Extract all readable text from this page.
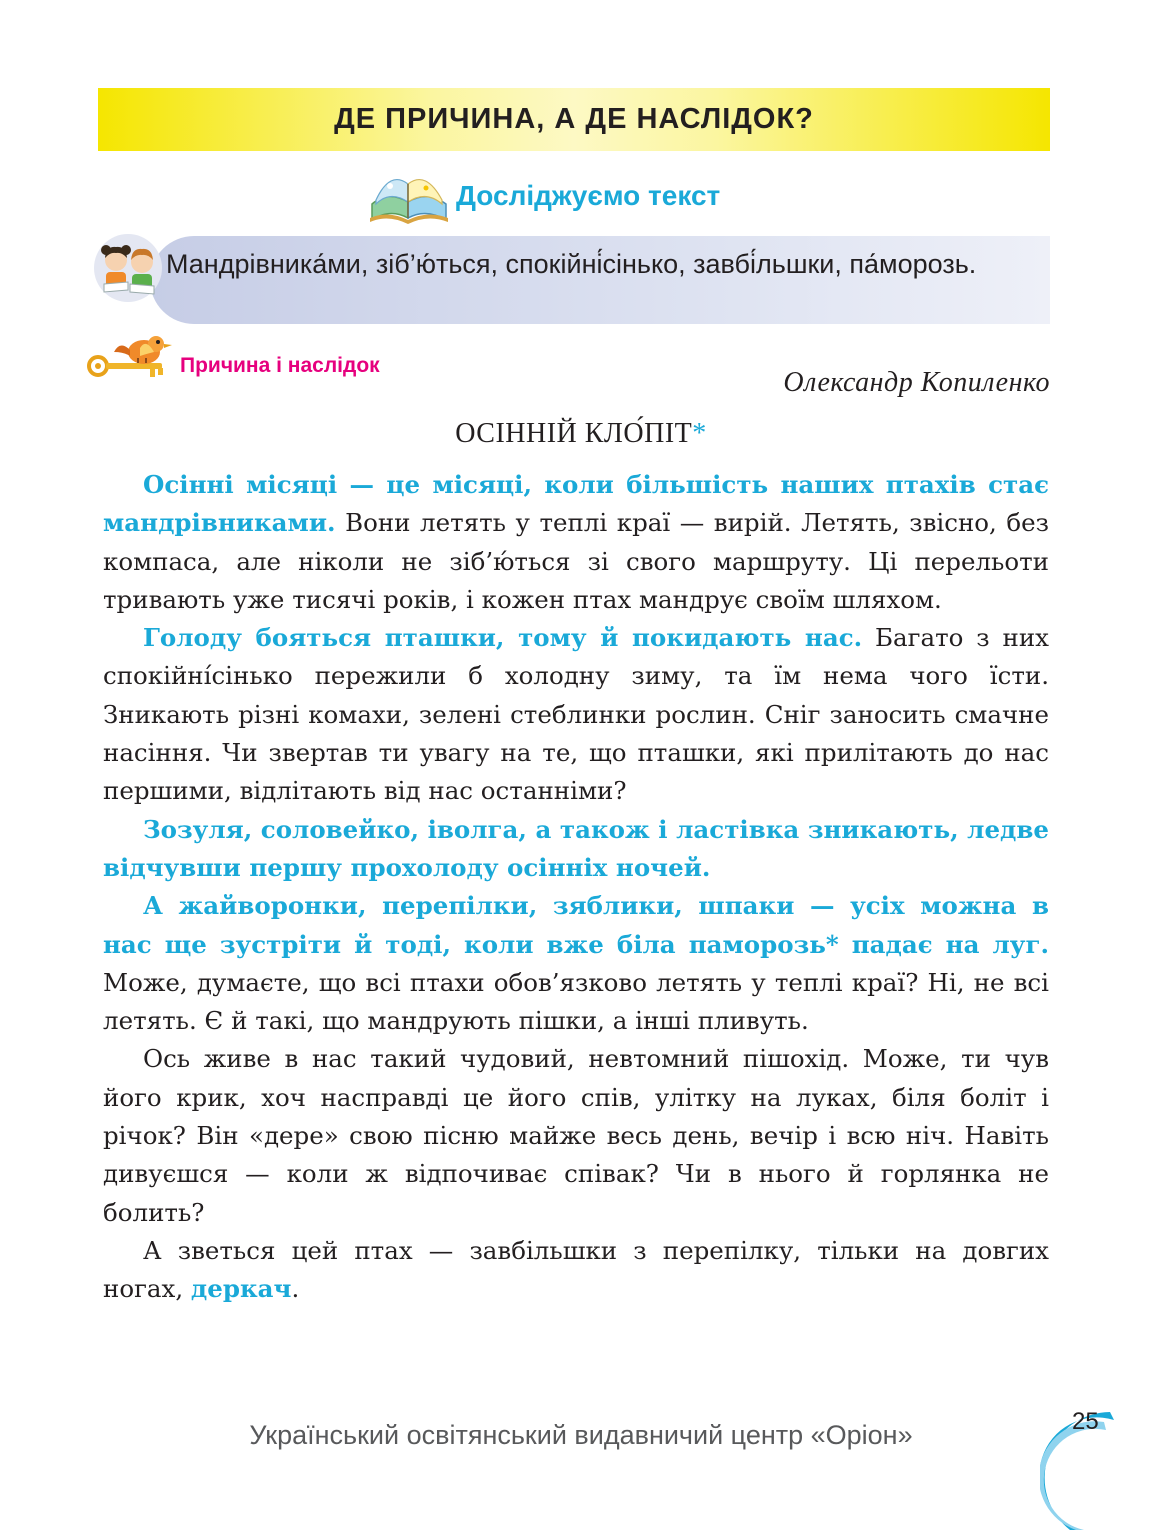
ДЕ ПРИЧИНА, А ДЕ НАСЛІДОК?
Досліджуємо текст
Мандрівника́ми, зіб’ю́ться, спокійні́сінько, завбі́льшки, па́морозь.
Причина і наслідок
Олександр Копиленко
ОСІННІЙ КЛО́ПІТ*

Осінні місяці — це місяці, коли більшість наших птахів стає мандрівниками. Вони летять у теплі краї — вирій. Летять, звісно, без компаса, але ніколи не зіб’ю́ться зі свого маршруту. Ці перельоти тривають уже тисячі років, і кожен птах мандрує своїм шляхом.

Голоду бояться пташки, тому й покидають нас. Багато з них спокійні́сінько пережили б холодну зиму, та їм нема чого їсти. Зникають різні комахи, зелені стеблинки рослин. Сніг заносить смачне насіння. Чи звертав ти увагу на те, що пташки, які прилітають до нас першими, відлітають від нас останніми?

Зозуля, соловейко, іволга, а також і ластівка зникають, ледве відчувши першу прохолоду осінніх ночей.

А жайворонки, перепілки, зяблики, шпаки — усіх можна в нас ще зустріти й тоді, коли вже біла паморозь* падає на луг. Може, думаєте, що всі птахи обов’язково летять у теплі краї? Ні, не всі летять. Є й такі, що мандрують пішки, а інші пливуть.

Ось живе в нас такий чудовий, невтомний пішохід. Може, ти чув його крик, хоч насправді це його спів, улітку на луках, біля боліт і річок? Він «дере» свою пісню майже весь день, вечір і всю ніч. Навіть дивуєшся — коли ж відпочиває співак? Чи в нього й горлянка не болить?

А зветься цей птах — завбільшки з перепілку, тільки на довгих ногах, деркач.

Український освітянський видавничий центр «Оріон»	25
